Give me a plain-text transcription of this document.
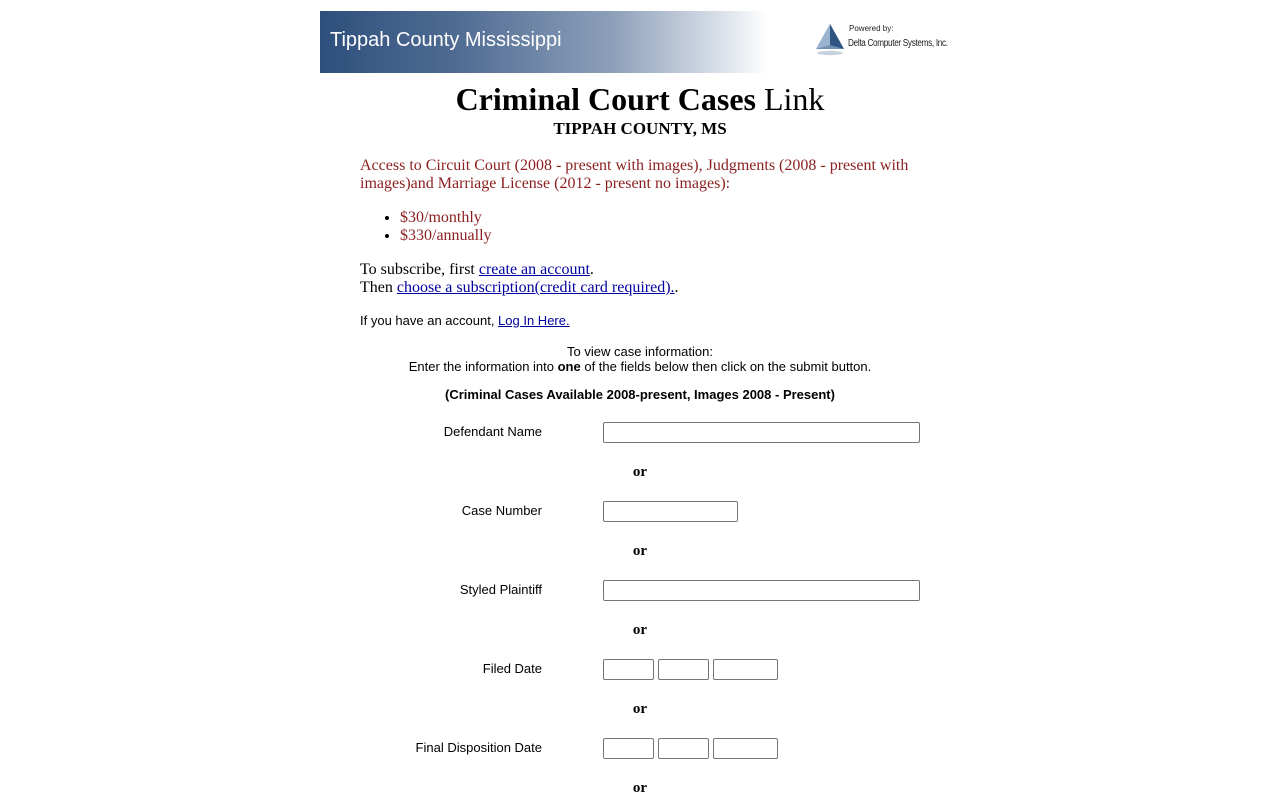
Tippah County Mississippi
Powered by:
Delta Computer Systems, Inc.
Criminal Court Cases Link
TIPPAH COUNTY, MS

Access to Circuit Court (2008 - present with images), Judgments (2008 - present with images)and Marriage License (2012 - present no images):

• $30/monthly
• $330/annually
To subscribe, first create an account.
Then choose a subscription(credit card required)..
If you have an account, Log In Here.
To view case information:
Enter the information into one of the fields below then click on the submit button.
(Criminal Cases Available 2008-present, Images 2008 - Present)
Defendant Name
or
Case Number
or
Styled Plaintiff
or
Filed Date
or
Final Disposition Date
or
